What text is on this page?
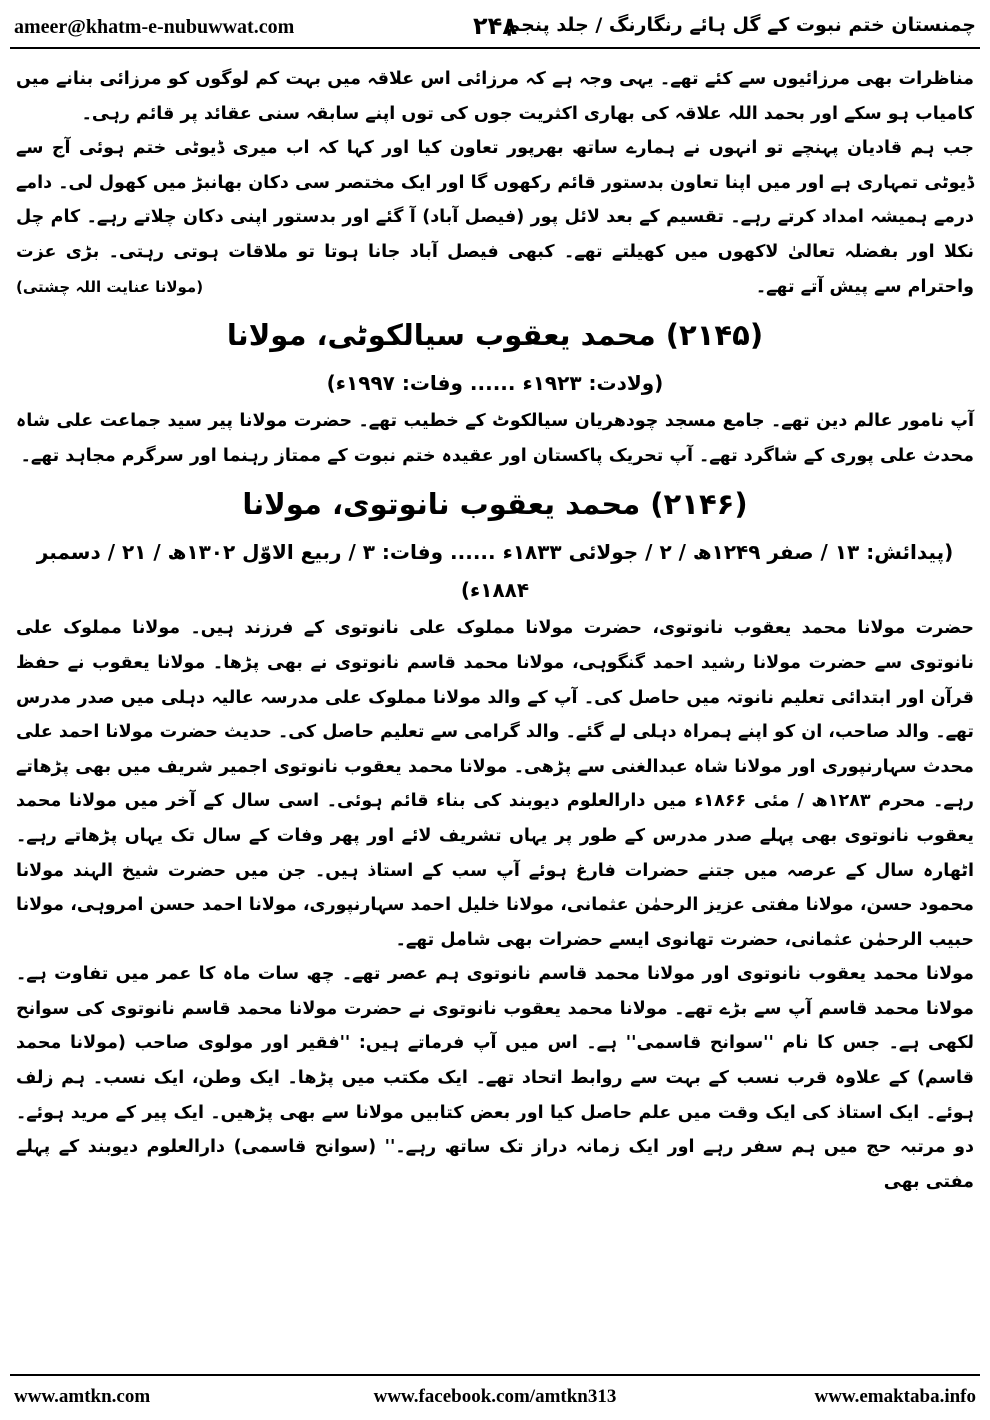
ameer@khatm-e-nubuwwat.com	۲۴۸
چمنستان ختم نبوت کے گل ہائے رنگارنگ / جلد پنجم

مناظرات بھی مرزائیوں سے کئے تھے۔ یہی وجہ ہے کہ مرزائی اس علاقہ میں بہت کم لوگوں کو مرزائی بنانے میں کامیاب ہو سکے اور بحمد اللہ علاقہ کی بھاری اکثریت جوں کی توں اپنے سابقہ سنی عقائد پر قائم رہی۔

جب ہم قادیان پہنچے تو انہوں نے ہمارے ساتھ بھرپور تعاون کیا اور کہا کہ اب میری ڈیوٹی ختم ہوئی آج سے ڈیوٹی تمہاری ہے اور میں اپنا تعاون بدستور قائم رکھوں گا اور ایک مختصر سی دکان بھانبڑ میں کھول لی۔ دامے درمے ہمیشہ امداد کرتے رہے۔ تقسیم کے بعد لائل پور (فیصل آباد) آ گئے اور بدستور اپنی دکان چلاتے رہے۔ کام چل نکلا اور بفضلہ تعالیٰ لاکھوں میں کھیلتے تھے۔ کبھی فیصل آباد جانا ہوتا تو ملاقات ہوتی رہتی۔ بڑی عزت واحترام سے پیش آتے تھے۔
(مولانا عنایت اللہ چشتی)

(۲۱۴۵) محمد یعقوب سیالکوٹی، مولانا
(ولادت: ۱۹۲۳ء ...... وفات: ۱۹۹۷ء)

آپ نامور عالم دین تھے۔ جامع مسجد چودھریان سیالکوٹ کے خطیب تھے۔ حضرت مولانا پیر سید جماعت علی شاہ محدث علی پوری کے شاگرد تھے۔ آپ تحریک پاکستان اور عقیدہ ختم نبوت کے ممتاز رہنما اور سرگرم مجاہد تھے۔

(۲۱۴۶) محمد یعقوب نانوتوی، مولانا
(پیدائش: ۱۳ / صفر ۱۲۴۹ھ / ۲ / جولائی ۱۸۳۳ء ...... وفات: ۳ / ربیع الاوّل ۱۳۰۲ھ / ۲۱ / دسمبر ۱۸۸۴ء)

حضرت مولانا محمد یعقوب نانوتوی، حضرت مولانا مملوک علی نانوتوی کے فرزند ہیں۔ مولانا مملوک علی نانوتوی سے حضرت مولانا رشید احمد گنگوہی، مولانا محمد قاسم نانوتوی نے بھی پڑھا۔ مولانا یعقوب نے حفظ قرآن اور ابتدائی تعلیم نانوتہ میں حاصل کی۔ آپ کے والد مولانا مملوک علی مدرسہ عالیہ دہلی میں صدر مدرس تھے۔ والد صاحب، ان کو اپنے ہمراہ دہلی لے گئے۔ والد گرامی سے تعلیم حاصل کی۔ حدیث حضرت مولانا احمد علی محدث سہارنپوری اور مولانا شاہ عبدالغنی سے پڑھی۔ مولانا محمد یعقوب نانوتوی اجمیر شریف میں بھی پڑھاتے رہے۔ محرم ۱۲۸۳ھ / مئی ۱۸۶۶ء میں دارالعلوم دیوبند کی بناء قائم ہوئی۔ اسی سال کے آخر میں مولانا محمد یعقوب نانوتوی بھی پہلے صدر مدرس کے طور پر یہاں تشریف لائے اور پھر وفات کے سال تک یہاں پڑھاتے رہے۔ اٹھارہ سال کے عرصہ میں جتنے حضرات فارغ ہوئے آپ سب کے استاذ ہیں۔ جن میں حضرت شیخ الہند مولانا محمود حسن، مولانا مفتی عزیز الرحمٰن عثمانی، مولانا خلیل احمد سہارنپوری، مولانا احمد حسن امروہی، مولانا حبیب الرحمٰن عثمانی، حضرت تھانوی ایسے حضرات بھی شامل تھے۔

مولانا محمد یعقوب نانوتوی اور مولانا محمد قاسم نانوتوی ہم عصر تھے۔ چھ سات ماہ کا عمر میں تفاوت ہے۔ مولانا محمد قاسم آپ سے بڑے تھے۔ مولانا محمد یعقوب نانوتوی نے حضرت مولانا محمد قاسم نانوتوی کی سوانح لکھی ہے۔ جس کا نام ''سوانح قاسمی'' ہے۔ اس میں آپ فرماتے ہیں: ''فقیر اور مولوی صاحب (مولانا محمد قاسم) کے علاوہ قرب نسب کے بہت سے روابط اتحاد تھے۔ ایک مکتب میں پڑھا۔ ایک وطن، ایک نسب۔ ہم زلف ہوئے۔ ایک استاذ کی ایک وقت میں علم حاصل کیا اور بعض کتابیں مولانا سے بھی پڑھیں۔ ایک پیر کے مرید ہوئے۔ دو مرتبہ حج میں ہم سفر رہے اور ایک زمانہ دراز تک ساتھ رہے۔'' (سوانح قاسمی) دارالعلوم دیوبند کے پہلے مفتی بھی

www.amtkn.com	www.facebook.com/amtkn313	www.emaktaba.info
